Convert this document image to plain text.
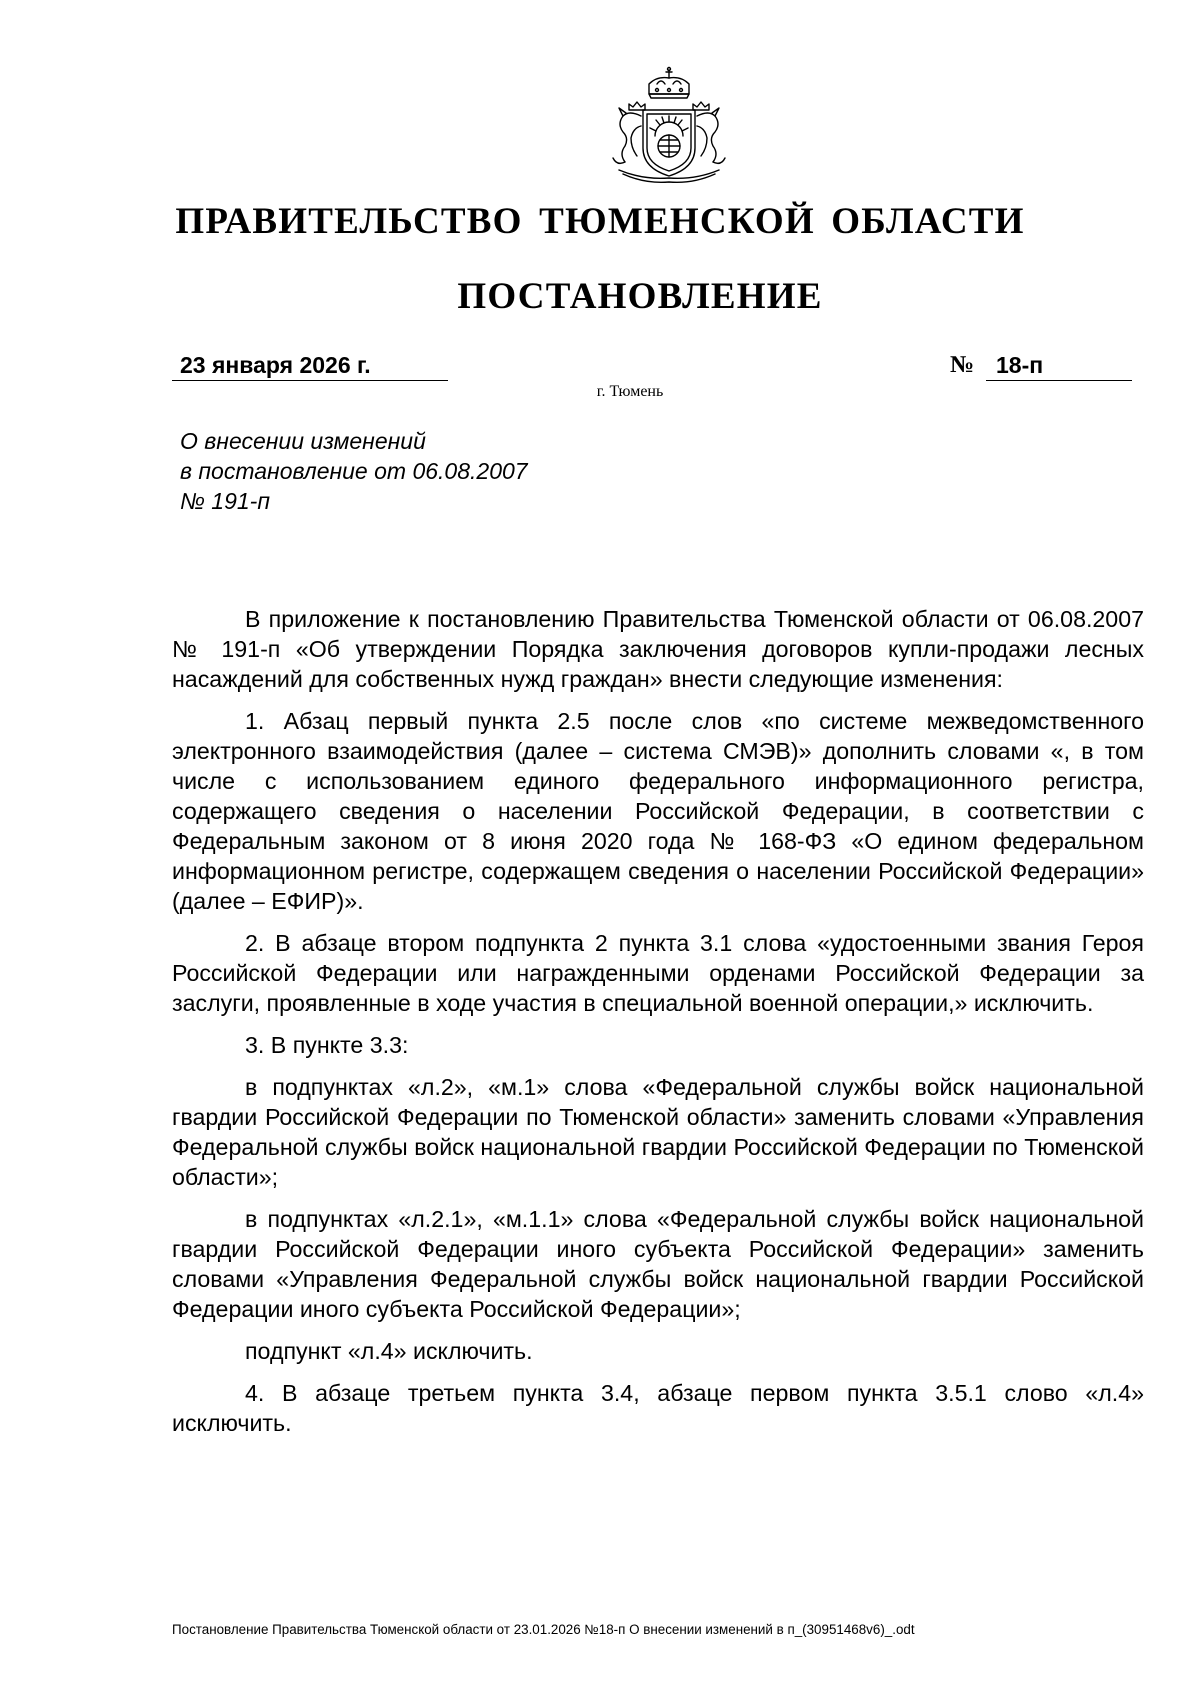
ПРАВИТЕЛЬСТВО ТЮМЕНСКОЙ ОБЛАСТИ
ПОСТАНОВЛЕНИЕ
23 января 2026 г.	№ 18-п
г. Тюмень
О внесении изменений
в постановление от 06.08.2007
№ 191-п

В приложение к постановлению Правительства Тюменской области от 06.08.2007 № 191-п «Об утверждении Порядка заключения договоров купли-продажи лесных насаждений для собственных нужд граждан» внести следующие изменения:

1. Абзац первый пункта 2.5 после слов «по системе межведомственного электронного взаимодействия (далее – система СМЭВ)» дополнить словами «, в том числе с использованием единого федерального информационного регистра, содержащего сведения о населении Российской Федерации, в соответствии с Федеральным законом от 8 июня 2020 года № 168-ФЗ «О едином федеральном информационном регистре, содержащем сведения о населении Российской Федерации» (далее – ЕФИР)».

2. В абзаце втором подпункта 2 пункта 3.1 слова «удостоенными звания Героя Российской Федерации или награжденными орденами Российской Федерации за заслуги, проявленные в ходе участия в специальной военной операции,» исключить.

3. В пункте 3.3:

в подпунктах «л.2», «м.1» слова «Федеральной службы войск национальной гвардии Российской Федерации по Тюменской области» заменить словами «Управления Федеральной службы войск национальной гвардии Российской Федерации по Тюменской области»;

в подпунктах «л.2.1», «м.1.1» слова «Федеральной службы войск национальной гвардии Российской Федерации иного субъекта Российской Федерации» заменить словами «Управления Федеральной службы войск национальной гвардии Российской Федерации иного субъекта Российской Федерации»;

подпункт «л.4» исключить.

4. В абзаце третьем пункта 3.4, абзаце первом пункта 3.5.1 слово «л.4» исключить.

Постановление Правительства Тюменской области от 23.01.2026 №18-п О внесении изменений в п_(30951468v6)_.odt
